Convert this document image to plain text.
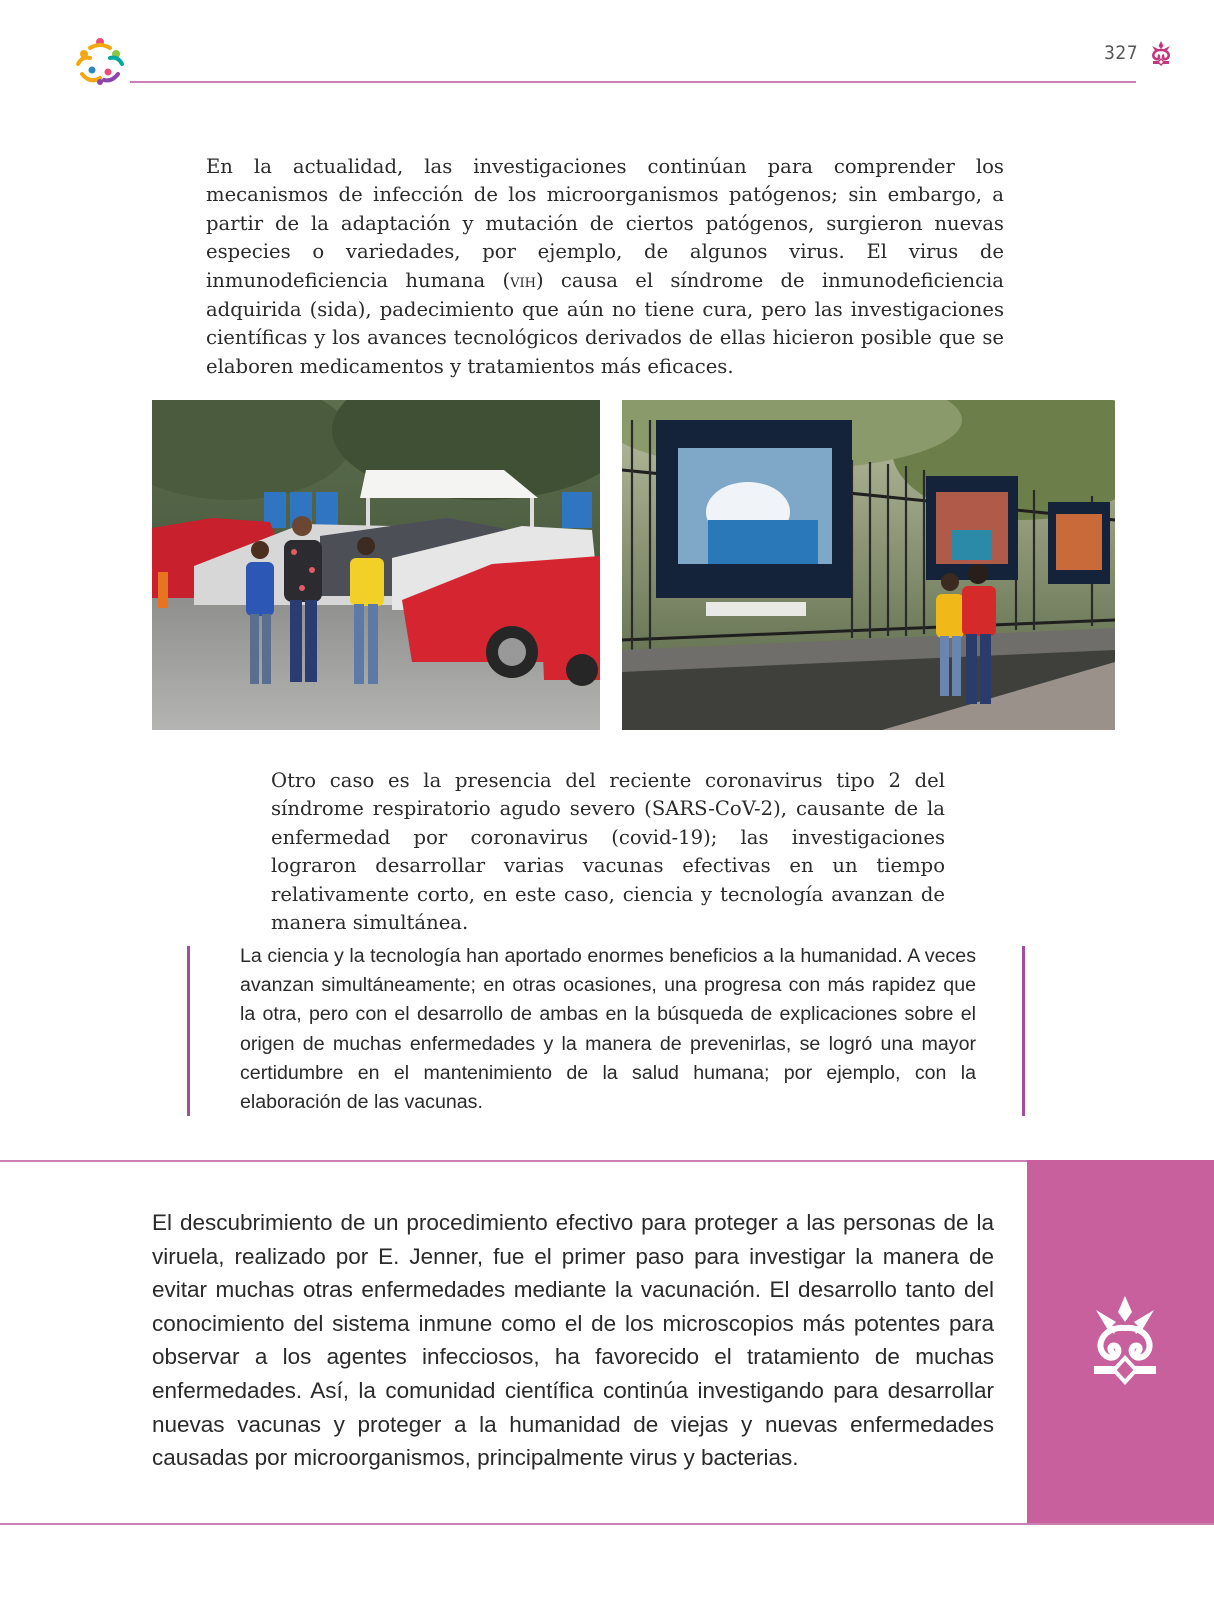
327

En la actualidad, las investigaciones continúan para comprender los mecanismos de infección de los microorganismos patógenos; sin embargo, a partir de la adaptación y mutación de ciertos patógenos, surgieron nuevas especies o variedades, por ejemplo, de algunos virus. El virus de inmunodeficiencia humana (vih) causa el síndrome de inmunodeficiencia adquirida (sida), padecimiento que aún no tiene cura, pero las investigaciones científicas y los avances tecnológicos derivados de ellas hicieron posible que se elaboren medicamentos y tratamientos más eficaces.

Otro caso es la presencia del reciente coronavirus tipo 2 del síndrome respiratorio agudo severo (SARS-CoV-2), causante de la enfermedad por coronavirus (covid-19); las investigaciones lograron desarrollar varias vacunas efectivas en un tiempo relativamente corto, en este caso, ciencia y tecnología avanzan de manera simultánea.

La ciencia y la tecnología han aportado enormes beneficios a la humanidad. A veces avanzan simultáneamente; en otras ocasiones, una progresa con más rapidez que la otra, pero con el desarrollo de ambas en la búsqueda de explicaciones sobre el origen de muchas enfermedades y la manera de prevenirlas, se logró una mayor certidumbre en el mantenimiento de la salud humana; por ejemplo, con la elaboración de las vacunas.

El descubrimiento de un procedimiento efectivo para proteger a las personas de la viruela, realizado por E. Jenner, fue el primer paso para investigar la manera de evitar muchas otras enfermedades mediante la vacunación. El desarrollo tanto del conocimiento del sistema inmune como el de los microscopios más potentes para observar a los agentes infecciosos, ha favorecido el tratamiento de muchas enfermedades. Así, la comunidad científica continúa investigando para desarrollar nuevas vacunas y proteger a la humanidad de viejas y nuevas enfermedades causadas por microorganismos, principalmente virus y bacterias.
